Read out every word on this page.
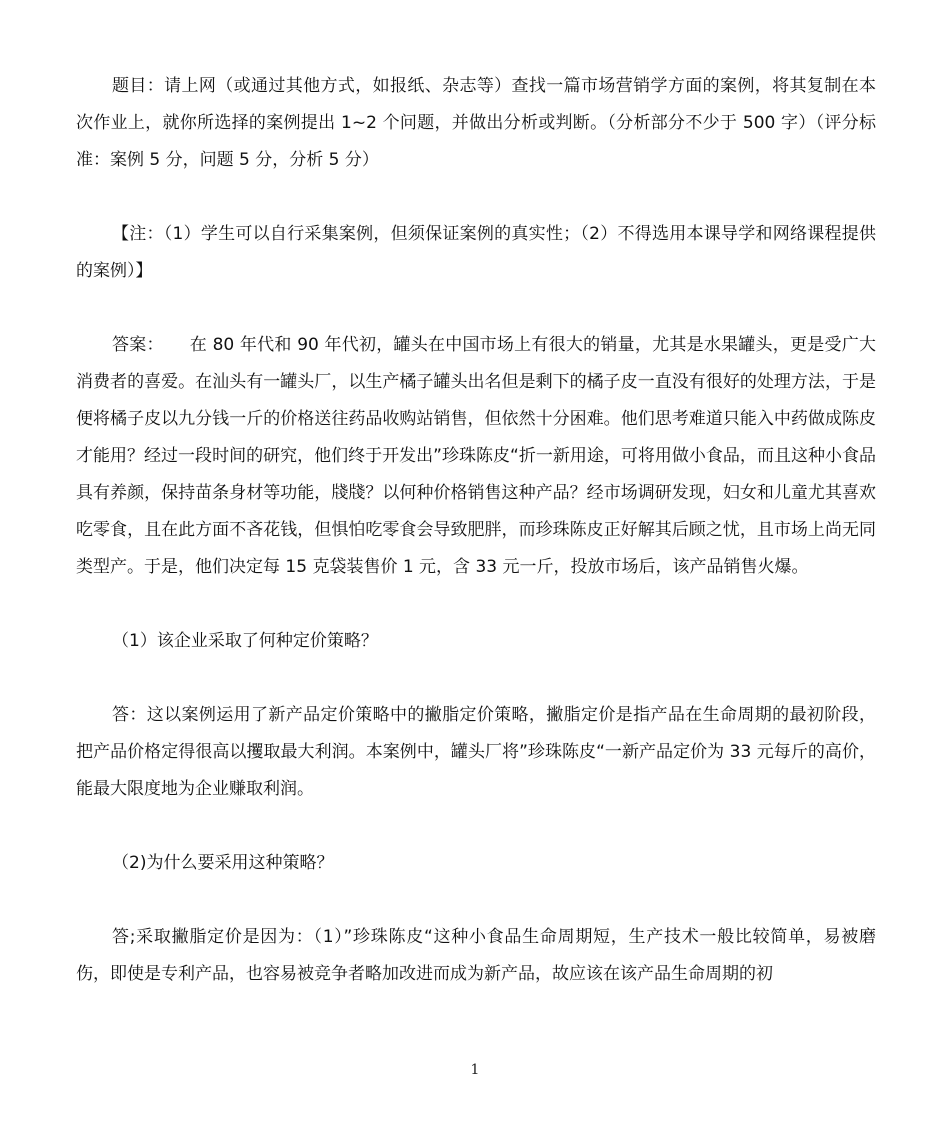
题目：请上网（或通过其他方式，如报纸、杂志等）查找一篇市场营销学方面的案例，将其复制在本次作业上，就你所选择的案例提出 1~2 个问题，并做出分析或判断。（分析部分不少于 500 字）（评分标准：案例 5 分，问题 5 分，分析 5 分）

【注：（1）学生可以自行采集案例，但须保证案例的真实性；（2）不得选用本课导学和网络课程提供的案例）】

答案：　　在 80 年代和 90 年代初，罐头在中国市场上有很大的销量，尤其是水果罐头，更是受广大消费者的喜爱。在汕头有一罐头厂，以生产橘子罐头出名但是剩下的橘子皮一直没有很好的处理方法，于是便将橘子皮以九分钱一斤的价格送往药品收购站销售，但依然十分困难。他们思考难道只能入中药做成陈皮才能用？经过一段时间的研究，他们终于开发出”珍珠陈皮“折一新用途，可将用做小食品，而且这种小食品具有养颜，保持苗条身材等功能，牋牋？以何种价格销售这种产品？经市场调研发现，妇女和儿童尤其喜欢吃零食，且在此方面不吝花钱，但惧怕吃零食会导致肥胖，而珍珠陈皮正好解其后顾之忧，且市场上尚无同类型产。于是，他们决定每 15 克袋装售价 1 元，含 33 元一斤，投放市场后，该产品销售火爆。

（1）该企业采取了何种定价策略？

答：这以案例运用了新产品定价策略中的撇脂定价策略，撇脂定价是指产品在生命周期的最初阶段，把产品价格定得很高以攫取最大利润。本案例中，罐头厂将”珍珠陈皮“一新产品定价为 33 元每斤的高价，能最大限度地为企业赚取利润。

（2)为什么要采用这种策略？

答;采取撇脂定价是因为：（1）”珍珠陈皮“这种小食品生命周期短，生产技术一般比较简单，易被磨伤，即使是专利产品，也容易被竞争者略加改进而成为新产品，故应该在该产品生命周期的初

1
